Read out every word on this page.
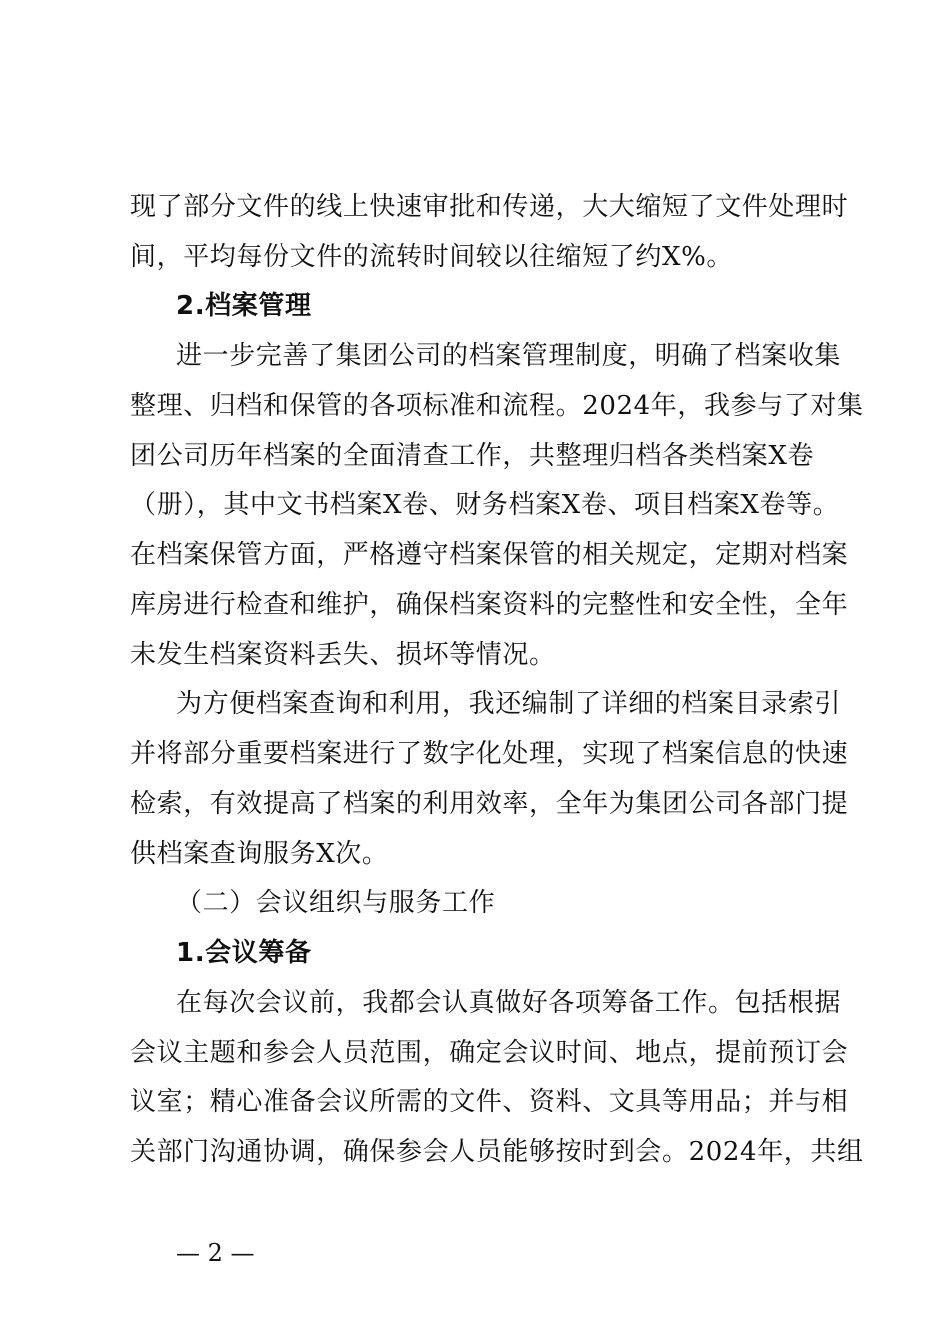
现了部分文件的线上快速审批和传递，大大缩短了文件处理时
间，平均每份文件的流转时间较以往缩短了约X%。
2.档案管理
进一步完善了集团公司的档案管理制度，明确了档案收集
整理、归档和保管的各项标准和流程。2024年，我参与了对集
团公司历年档案的全面清查工作，共整理归档各类档案X卷
（册），其中文书档案X卷、财务档案X卷、项目档案X卷等。
在档案保管方面，严格遵守档案保管的相关规定，定期对档案
库房进行检查和维护，确保档案资料的完整性和安全性，全年
未发生档案资料丢失、损坏等情况。
为方便档案查询和利用，我还编制了详细的档案目录索引
并将部分重要档案进行了数字化处理，实现了档案信息的快速
检索，有效提高了档案的利用效率，全年为集团公司各部门提
供档案查询服务X次。
（二）会议组织与服务工作
1.会议筹备
在每次会议前，我都会认真做好各项筹备工作。包括根据
会议主题和参会人员范围，确定会议时间、地点，提前预订会
议室；精心准备会议所需的文件、资料、文具等用品；并与相
关部门沟通协调，确保参会人员能够按时到会。2024年，共组
— 2 —
